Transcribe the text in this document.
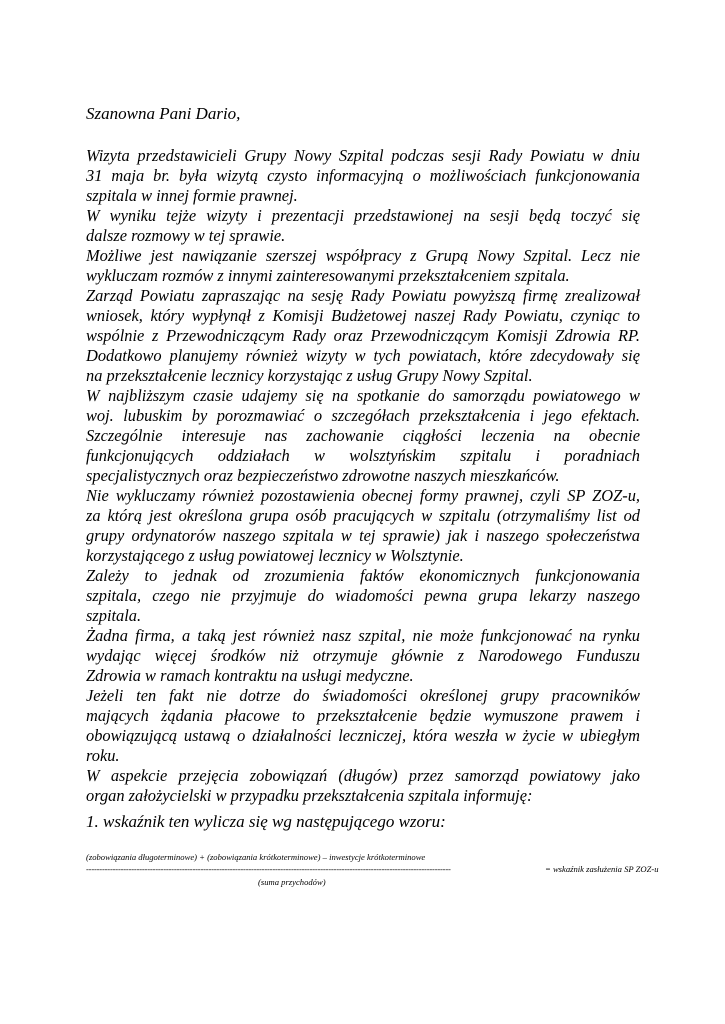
Szanowna Pani Dario,
Wizyta przedstawicieli Grupy Nowy Szpital podczas sesji Rady Powiatu w dniu
31 maja br. była wizytą czysto informacyjną o możliwościach funkcjonowania
szpitala w innej formie prawnej.
W wyniku tejże wizyty i prezentacji przedstawionej na sesji będą toczyć się
dalsze rozmowy w tej sprawie.
Możliwe jest nawiązanie szerszej współpracy z Grupą Nowy Szpital. Lecz nie
wykluczam rozmów z innymi zainteresowanymi przekształceniem szpitala.
Zarząd Powiatu zapraszając na sesję Rady Powiatu powyższą firmę zrealizował
wniosek, który wypłynął z Komisji Budżetowej naszej Rady Powiatu, czyniąc to
wspólnie z Przewodniczącym Rady oraz Przewodniczącym Komisji Zdrowia RP.
Dodatkowo planujemy również wizyty w tych powiatach, które zdecydowały się
na przekształcenie lecznicy korzystając z usług Grupy Nowy Szpital.
W najbliższym czasie udajemy się na spotkanie do samorządu powiatowego w
woj. lubuskim by porozmawiać o szczegółach przekształcenia i jego efektach.
Szczególnie interesuje nas zachowanie ciągłości leczenia na obecnie
funkcjonujących oddziałach w wolsztyńskim szpitalu i poradniach
specjalistycznych oraz bezpieczeństwo zdrowotne naszych mieszkańców.
Nie wykluczamy również pozostawienia obecnej formy prawnej, czyli SP ZOZ-u,
za którą jest określona grupa osób pracujących w szpitalu (otrzymaliśmy list od
grupy ordynatorów naszego szpitala w tej sprawie) jak i naszego społeczeństwa
korzystającego z usług powiatowej lecznicy w Wolsztynie.
Zależy to jednak od zrozumienia faktów ekonomicznych funkcjonowania
szpitala, czego nie przyjmuje do wiadomości pewna grupa lekarzy naszego
szpitala.
Żadna firma, a taką jest również nasz szpital, nie może funkcjonować na rynku
wydając więcej środków niż otrzymuje głównie z Narodowego Funduszu
Zdrowia w ramach kontraktu na usługi medyczne.
Jeżeli ten fakt nie dotrze do świadomości określonej grupy pracowników
mających żądania płacowe to przekształcenie będzie wymuszone prawem i
obowiązującą ustawą o działalności leczniczej, która weszła w życie w ubiegłym
roku.
W aspekcie przejęcia zobowiązań (długów) przez samorząd powiatowy jako
organ założycielski w przypadku przekształcenia szpitala informuję:
1. wskaźnik ten wylicza się wg następującego wzoru:
(zobowiązania długoterminowe) + (zobowiązania krótkoterminowe) – inwestycje krótkoterminowe
-----------------------------------------------------------------------------------------------------------------------------------------	= wskaźnik zasłużenia SP ZOZ-u
(suma przychodów)
